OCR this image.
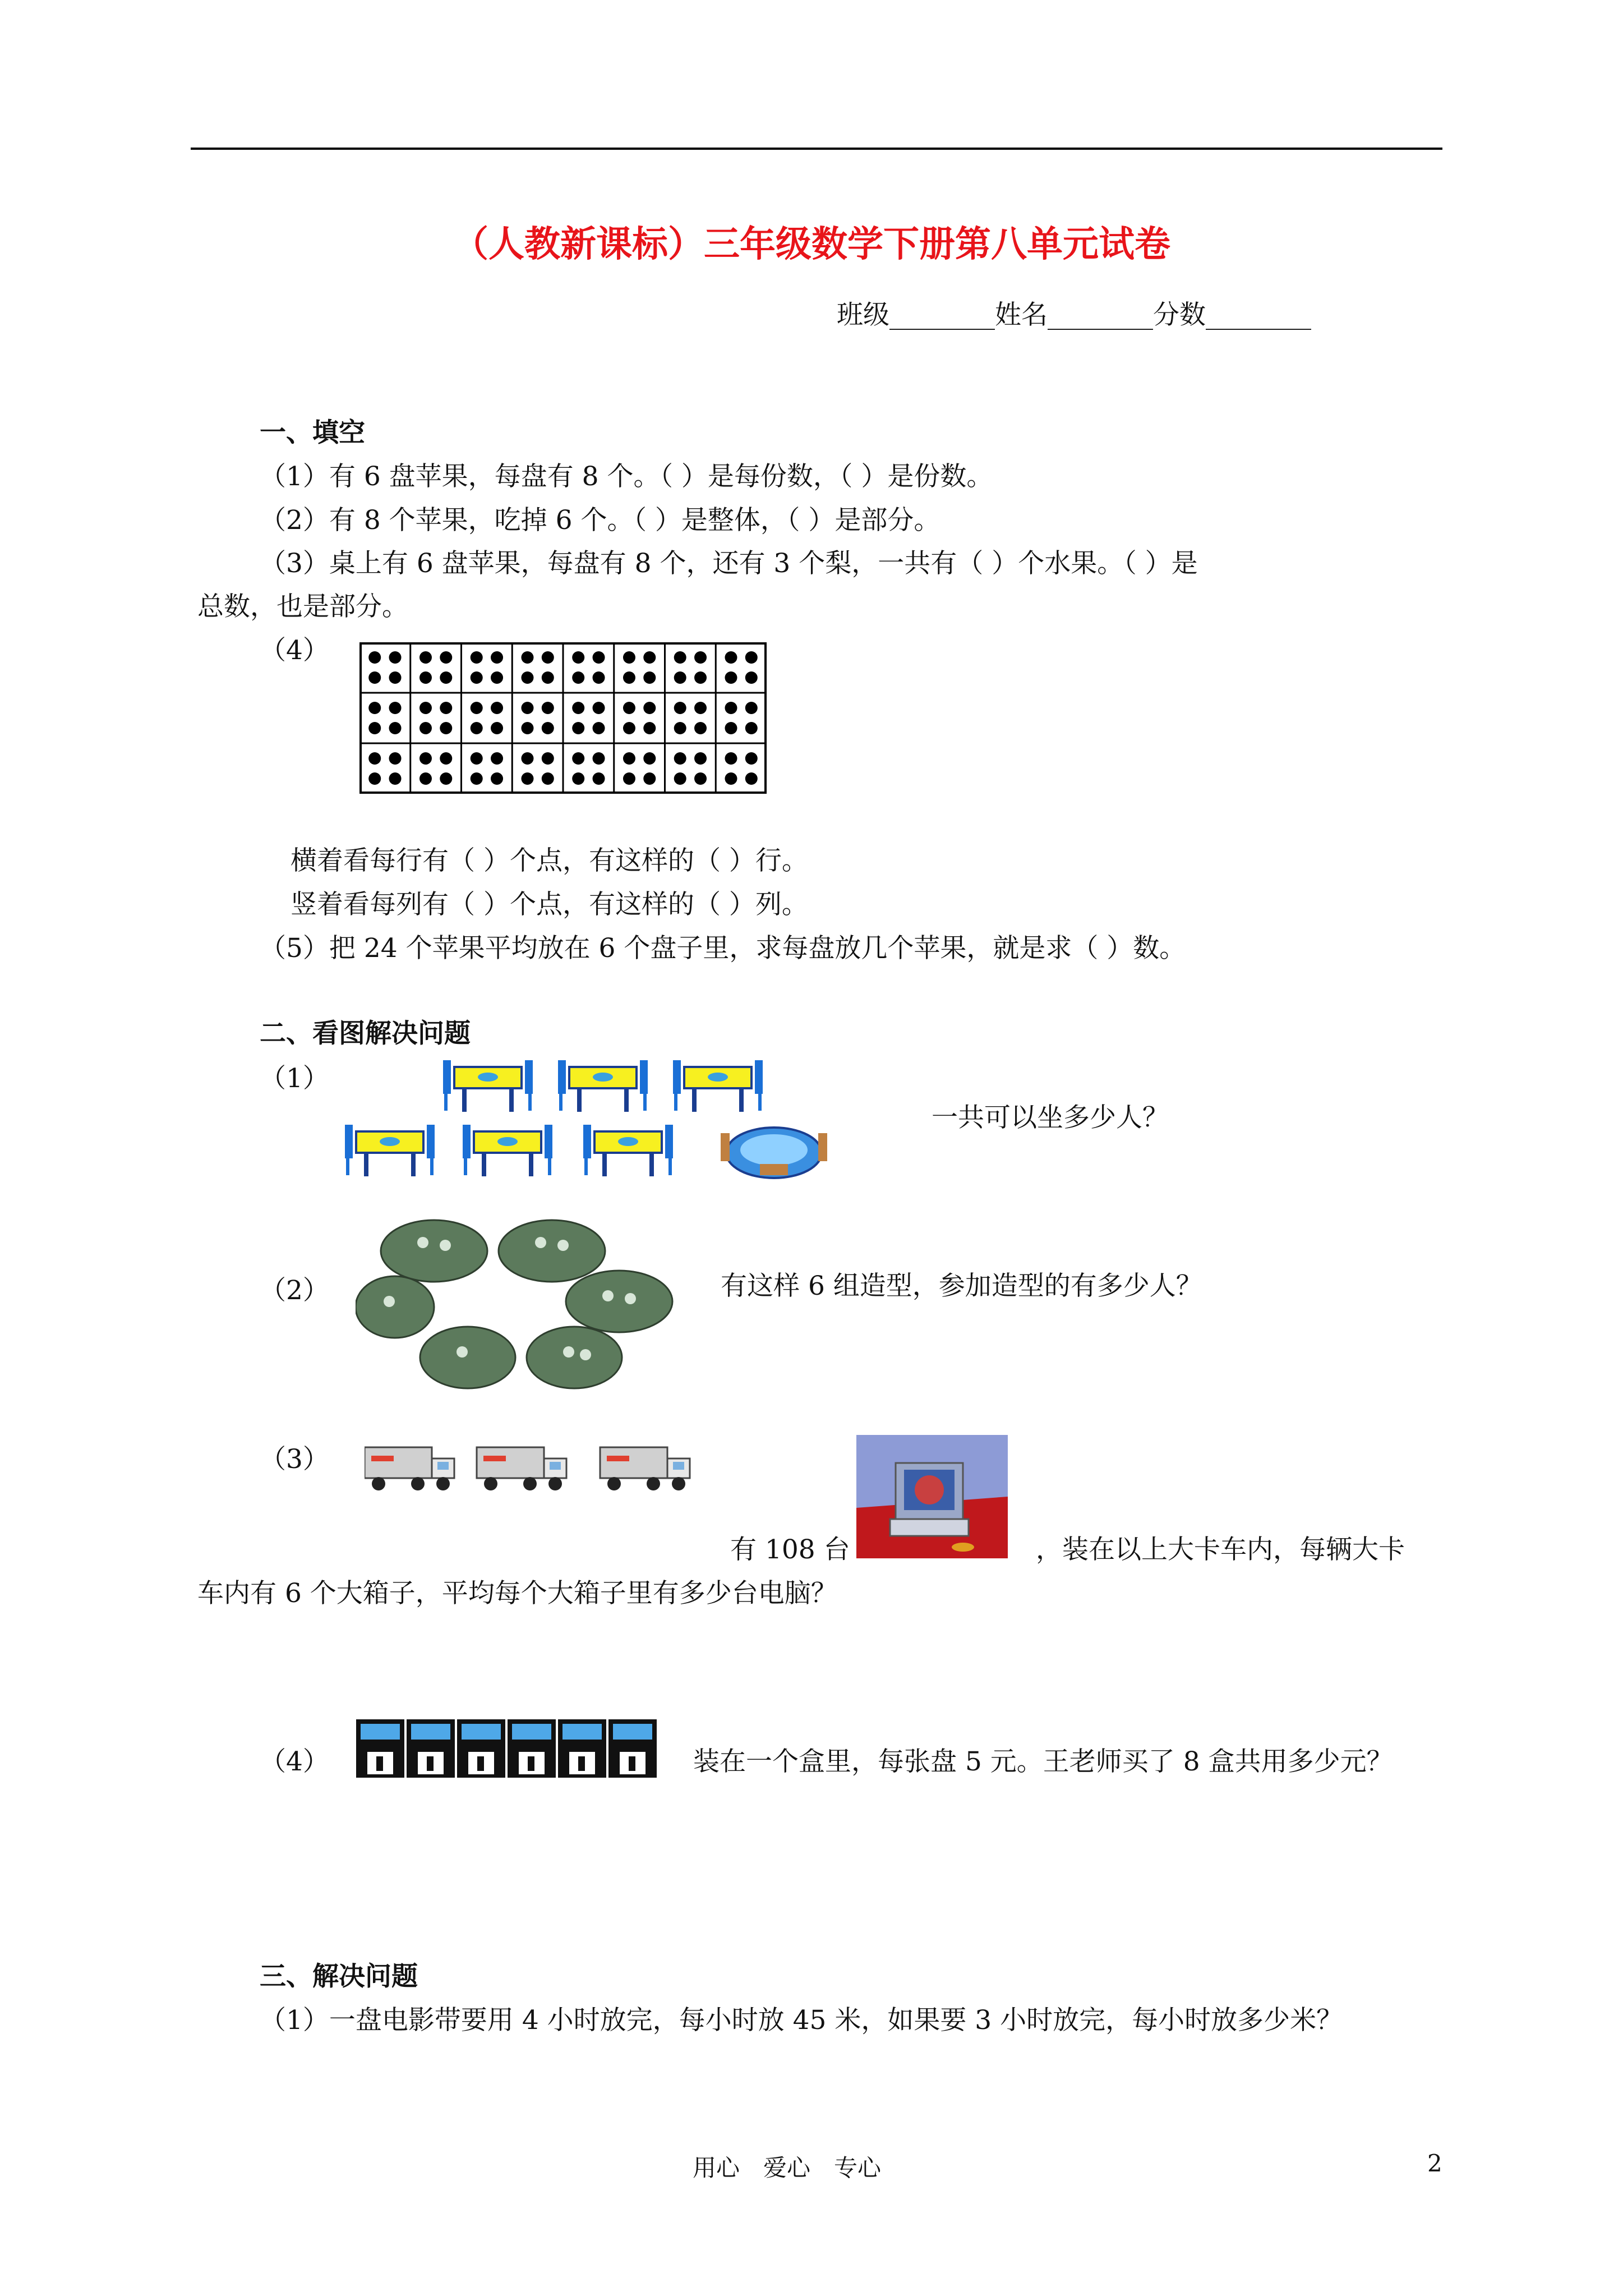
（人教新课标）三年级数学下册第八单元试卷
班级________姓名________分数________
一、填空
（1）有 6 盘苹果，每盘有 8 个。（ ）是每份数，（ ）是份数。
（2）有 8 个苹果，吃掉 6 个。（ ）是整体，（ ）是部分。
（3）桌上有 6 盘苹果，每盘有 8 个，还有 3 个梨，一共有（ ）个水果。（ ）是
总数，也是部分。
（4）
横着看每行有（ ）个点，有这样的（ ）行。
竖着看每列有（ ）个点，有这样的（ ）列。
（5）把 24 个苹果平均放在 6 个盘子里，求每盘放几个苹果，就是求（ ）数。
二、看图解决问题
（1）
一共可以坐多少人？
（2）	有这样 6 组造型，参加造型的有多少人？
（3）
有 108 台	，装在以上大卡车内，每辆大卡
车内有 6 个大箱子，平均每个大箱子里有多少台电脑？
（4）	装在一个盒里，每张盘 5 元。王老师买了 8 盒共用多少元？
三、解决问题
（1）一盘电影带要用 4 小时放完，每小时放 45 米，如果要 3 小时放完，每小时放多少米？
用心　爱心　专心	2
